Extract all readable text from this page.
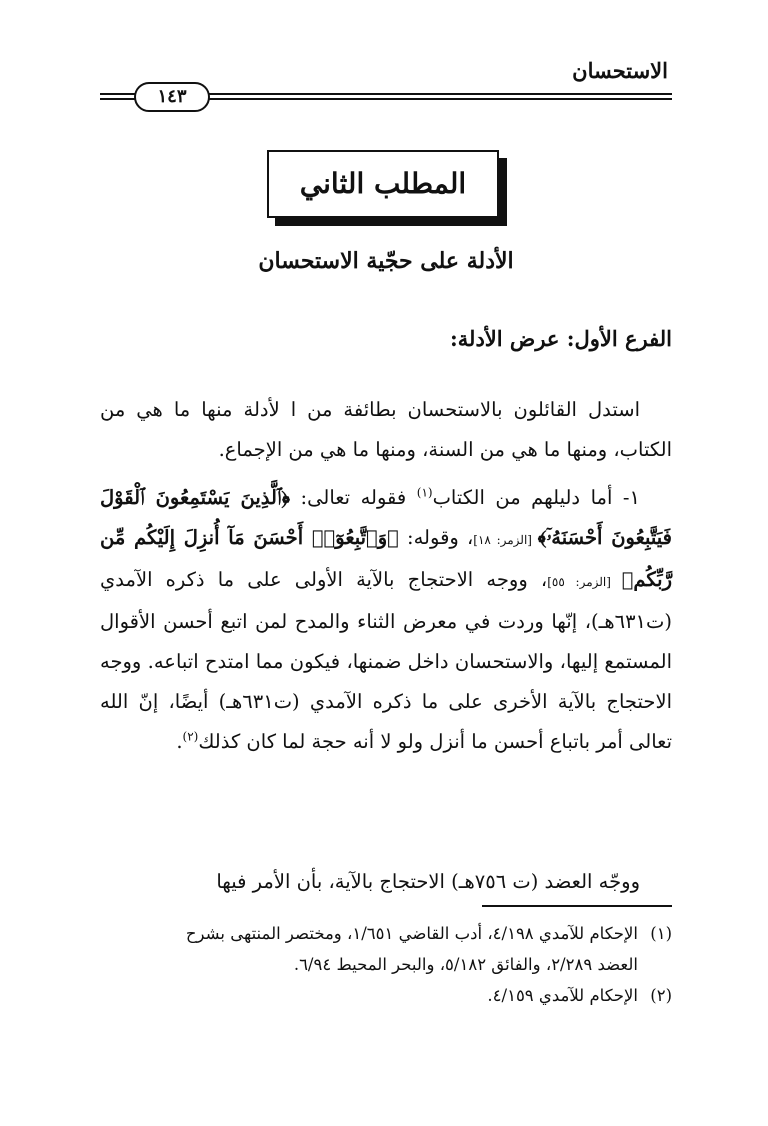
الاستحسان
١٤٣
المطلب الثاني
الأدلة على حجّية الاستحسان
الفرع الأول: عرض الأدلة:

استدل القائلون بالاستحسان بطائفة من ا لأدلة منها ما هي من الكتاب، ومنها ما هي من السنة، ومنها ما هي من الإجماع.

١- أما دليلهم من الكتاب$^{(١)}$ فقوله تعالى: ﴿ٱلَّذِينَ يَسْتَمِعُونَ ٱلْقَوْلَ فَيَتَّبِعُونَ أَحْسَنَهُۥٓ﴾ [الزمر: ١٨]، وقوله: ﴿وَٱتَّبِعُوٓا۟ أَحْسَنَ مَآ أُنزِلَ إِلَيْكُم مِّن رَّبِّكُم﴾ [الزمر: ٥٥]، ووجه الاحتجاج بالآية الأولى على ما ذكره الآمدي (ت٦٣١هـ)، إنّها وردت في معرض الثناء والمدح لمن اتبع أحسن الأقوال المستمع إليها، والاستحسان داخل ضمنها، فيكون مما امتدح اتباعه. ووجه الاحتجاج بالآية الأخرى على ما ذكره الآمدي (ت٦٣١هـ) أيضًا، إنّ الله تعالى أمر باتباع أحسن ما أنزل ولو لا أنه حجة لما كان كذلك$^{(٢)}$.

ووجّه العضد (ت ٧٥٦هـ) الاحتجاج بالآية، بأن الأمر فيها

(١)الإحكام للآمدي ٤/١٩٨، أدب القاضي ١/٦٥١، ومختصر المنتهى بشرح

العضد ٢/٢٨٩، والفائق ٥/١٨٢، والبحر المحيط ٦/٩٤.

(٢)الإحكام للآمدي ٤/١٥٩.
